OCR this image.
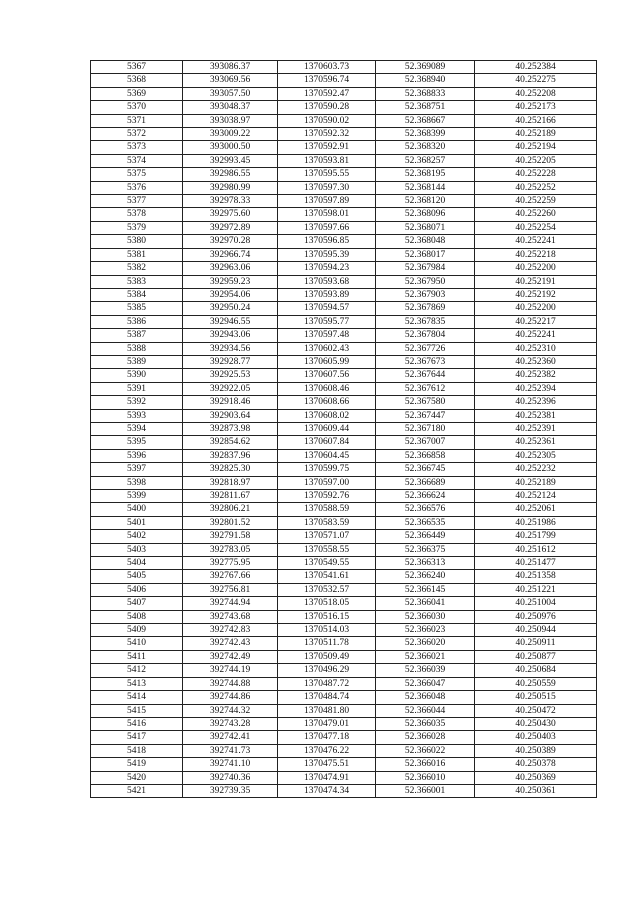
5367	393086.37	1370603.73	52.369089	40.252384
5368	393069.56	1370596.74	52.368940	40.252275
5369	393057.50	1370592.47	52.368833	40.252208
5370	393048.37	1370590.28	52.368751	40.252173
5371	393038.97	1370590.02	52.368667	40.252166
5372	393009.22	1370592.32	52.368399	40.252189
5373	393000.50	1370592.91	52.368320	40.252194
5374	392993.45	1370593.81	52.368257	40.252205
5375	392986.55	1370595.55	52.368195	40.252228
5376	392980.99	1370597.30	52.368144	40.252252
5377	392978.33	1370597.89	52.368120	40.252259
5378	392975.60	1370598.01	52.368096	40.252260
5379	392972.89	1370597.66	52.368071	40.252254
5380	392970.28	1370596.85	52.368048	40.252241
5381	392966.74	1370595.39	52.368017	40.252218
5382	392963.06	1370594.23	52.367984	40.252200
5383	392959.23	1370593.68	52.367950	40.252191
5384	392954.06	1370593.89	52.367903	40.252192
5385	392950.24	1370594.57	52.367869	40.252200
5386	392946.55	1370595.77	52.367835	40.252217
5387	392943.06	1370597.48	52.367804	40.252241
5388	392934.56	1370602.43	52.367726	40.252310
5389	392928.77	1370605.99	52.367673	40.252360
5390	392925.53	1370607.56	52.367644	40.252382
5391	392922.05	1370608.46	52.367612	40.252394
5392	392918.46	1370608.66	52.367580	40.252396
5393	392903.64	1370608.02	52.367447	40.252381
5394	392873.98	1370609.44	52.367180	40.252391
5395	392854.62	1370607.84	52.367007	40.252361
5396	392837.96	1370604.45	52.366858	40.252305
5397	392825.30	1370599.75	52.366745	40.252232
5398	392818.97	1370597.00	52.366689	40.252189
5399	392811.67	1370592.76	52.366624	40.252124
5400	392806.21	1370588.59	52.366576	40.252061
5401	392801.52	1370583.59	52.366535	40.251986
5402	392791.58	1370571.07	52.366449	40.251799
5403	392783.05	1370558.55	52.366375	40.251612
5404	392775.95	1370549.55	52.366313	40.251477
5405	392767.66	1370541.61	52.366240	40.251358
5406	392756.81	1370532.57	52.366145	40.251221
5407	392744.94	1370518.05	52.366041	40.251004
5408	392743.68	1370516.15	52.366030	40.250976
5409	392742.83	1370514.03	52.366023	40.250944
5410	392742.43	1370511.78	52.366020	40.250911
5411	392742.49	1370509.49	52.366021	40.250877
5412	392744.19	1370496.29	52.366039	40.250684
5413	392744.88	1370487.72	52.366047	40.250559
5414	392744.86	1370484.74	52.366048	40.250515
5415	392744.32	1370481.80	52.366044	40.250472
5416	392743.28	1370479.01	52.366035	40.250430
5417	392742.41	1370477.18	52.366028	40.250403
5418	392741.73	1370476.22	52.366022	40.250389
5419	392741.10	1370475.51	52.366016	40.250378
5420	392740.36	1370474.91	52.366010	40.250369
5421	392739.35	1370474.34	52.366001	40.250361
